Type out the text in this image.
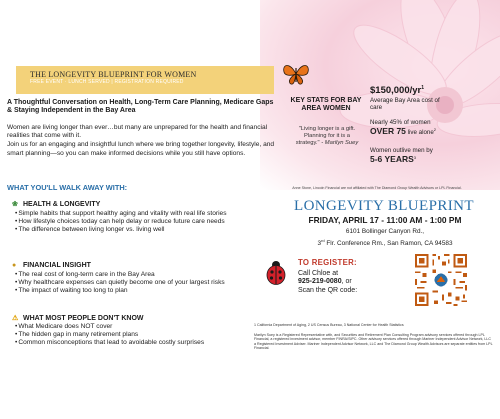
THE LONGEVITY BLUEPRINT FOR WOMEN
FREE EVENT · LUNCH SERVED | REGISTRATION REQUIRED
A Thoughtful Conversation on Health, Long-Term Care Planning, Medicare Gaps & Staying Independent in the Bay Area

Women are living longer than ever…but many are unprepared for the health and financial realities that come with it.

Join us for an engaging and insightful lunch where we bring together longevity, lifestyle, and smart planning—so you can make informed decisions while you still have options.

WHAT YOU'LL WALK AWAY WITH:
❀ HEALTH & LONGEVITY
• Simple habits that support healthy aging and vitality with real life stories
• How lifestyle choices today can help delay or reduce future care needs
• The difference between living longer vs. living well
● FINANCIAL INSIGHT
• The real cost of long-term care in the Bay Area
• Why healthcare expenses can quietly become one of your largest risks
• The impact of waiting too long to plan
⚠ WHAT MOST PEOPLE DON'T KNOW
• What Medicare does NOT cover
• The hidden gap in many retirement plans
• Common misconceptions that lead to avoidable costly surprises
KEY STATS FOR BAY AREA WOMEN
"Living longer is a gift. Planning for it is a strategy." - Marilyn Suey
$\$150,000/yr^1$
Average Bay Area cost of care
Nearly 45% of women
OVER 75 live alone$^2$
Women outlive men by
5-6 YEARS$^3$
Anne Stone, Lincoln Financial are not affiliated with The Diamond Group Wealth Advisors or LPL Financial.
LONGEVITY BLUEPRINT
FRIDAY, APRIL 17 - 11:00 AM - 1:00 PM
6101 Bollinger Canyon Rd.,
3rd Flr. Conference Rm., San Ramon, CA 94583
TO REGISTER:
Call Chloe at
925-219-0080, or
Scan the QR code:
1 California Department of Aging, 2 US Census Bureau, 3 National Center for Health Statistics
Marilyn Suey is a Registered Representative with, and Securities and Retirement Plan Consulting Program advisory services offered through LPL Financial, a registered investment advisor, member FINRA/SIPC. Other advisory services offered through Mariner Independent Advisor Network, LLC a Registered Investment Adviser. Mariner Independent Advisor Network, LLC and The Diamond Group Wealth Advisors are separate entities from LPL Financial.
